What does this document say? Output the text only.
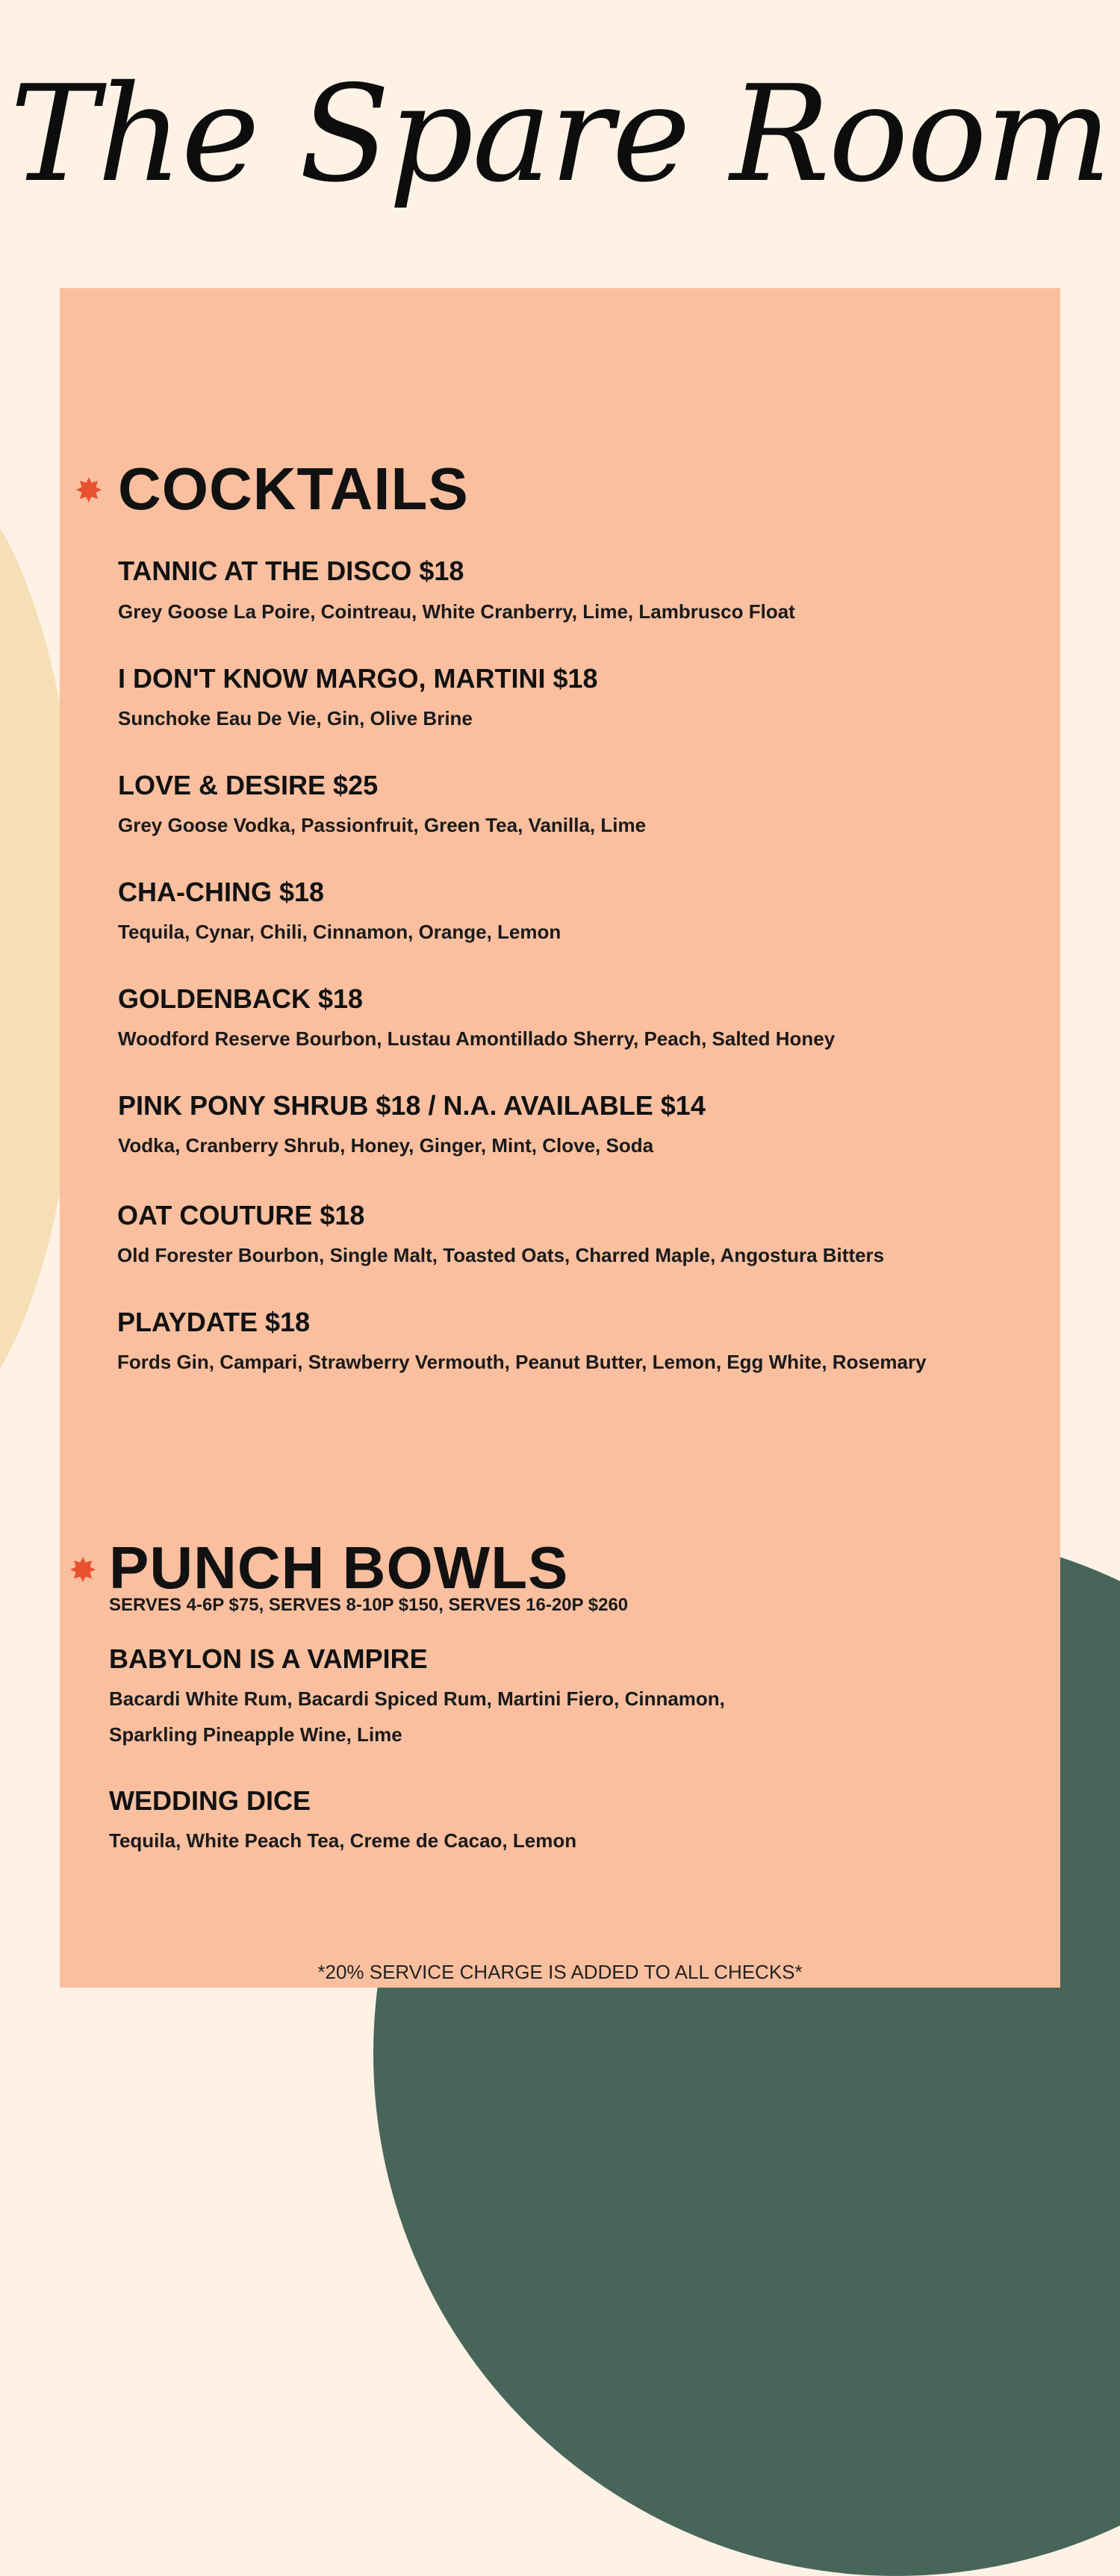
The Spare Room
COCKTAILS
TANNIC AT THE DISCO $18
Grey Goose La Poire, Cointreau, White Cranberry, Lime, Lambrusco Float
I DON'T KNOW MARGO, MARTINI $18
Sunchoke Eau De Vie, Gin, Olive Brine
LOVE & DESIRE $25
Grey Goose Vodka, Passionfruit, Green Tea, Vanilla, Lime
CHA-CHING $18
Tequila, Cynar, Chili, Cinnamon, Orange, Lemon
GOLDENBACK $18
Woodford Reserve Bourbon, Lustau Amontillado Sherry, Peach, Salted Honey
PINK PONY SHRUB $18 / N.A. AVAILABLE $14
Vodka, Cranberry Shrub, Honey, Ginger, Mint, Clove, Soda
OAT COUTURE $18
Old Forester Bourbon, Single Malt, Toasted Oats, Charred Maple, Angostura Bitters
PLAYDATE $18
Fords Gin, Campari, Strawberry Vermouth, Peanut Butter, Lemon, Egg White, Rosemary
PUNCH BOWLS
SERVES 4-6P $75, SERVES 8-10P $150, SERVES 16-20P $260
BABYLON IS A VAMPIRE
Bacardi White Rum, Bacardi Spiced Rum, Martini Fiero, Cinnamon, Sparkling Pineapple Wine, Lime
WEDDING DICE
Tequila, White Peach Tea, Creme de Cacao, Lemon
*20% SERVICE CHARGE IS ADDED TO ALL CHECKS*
